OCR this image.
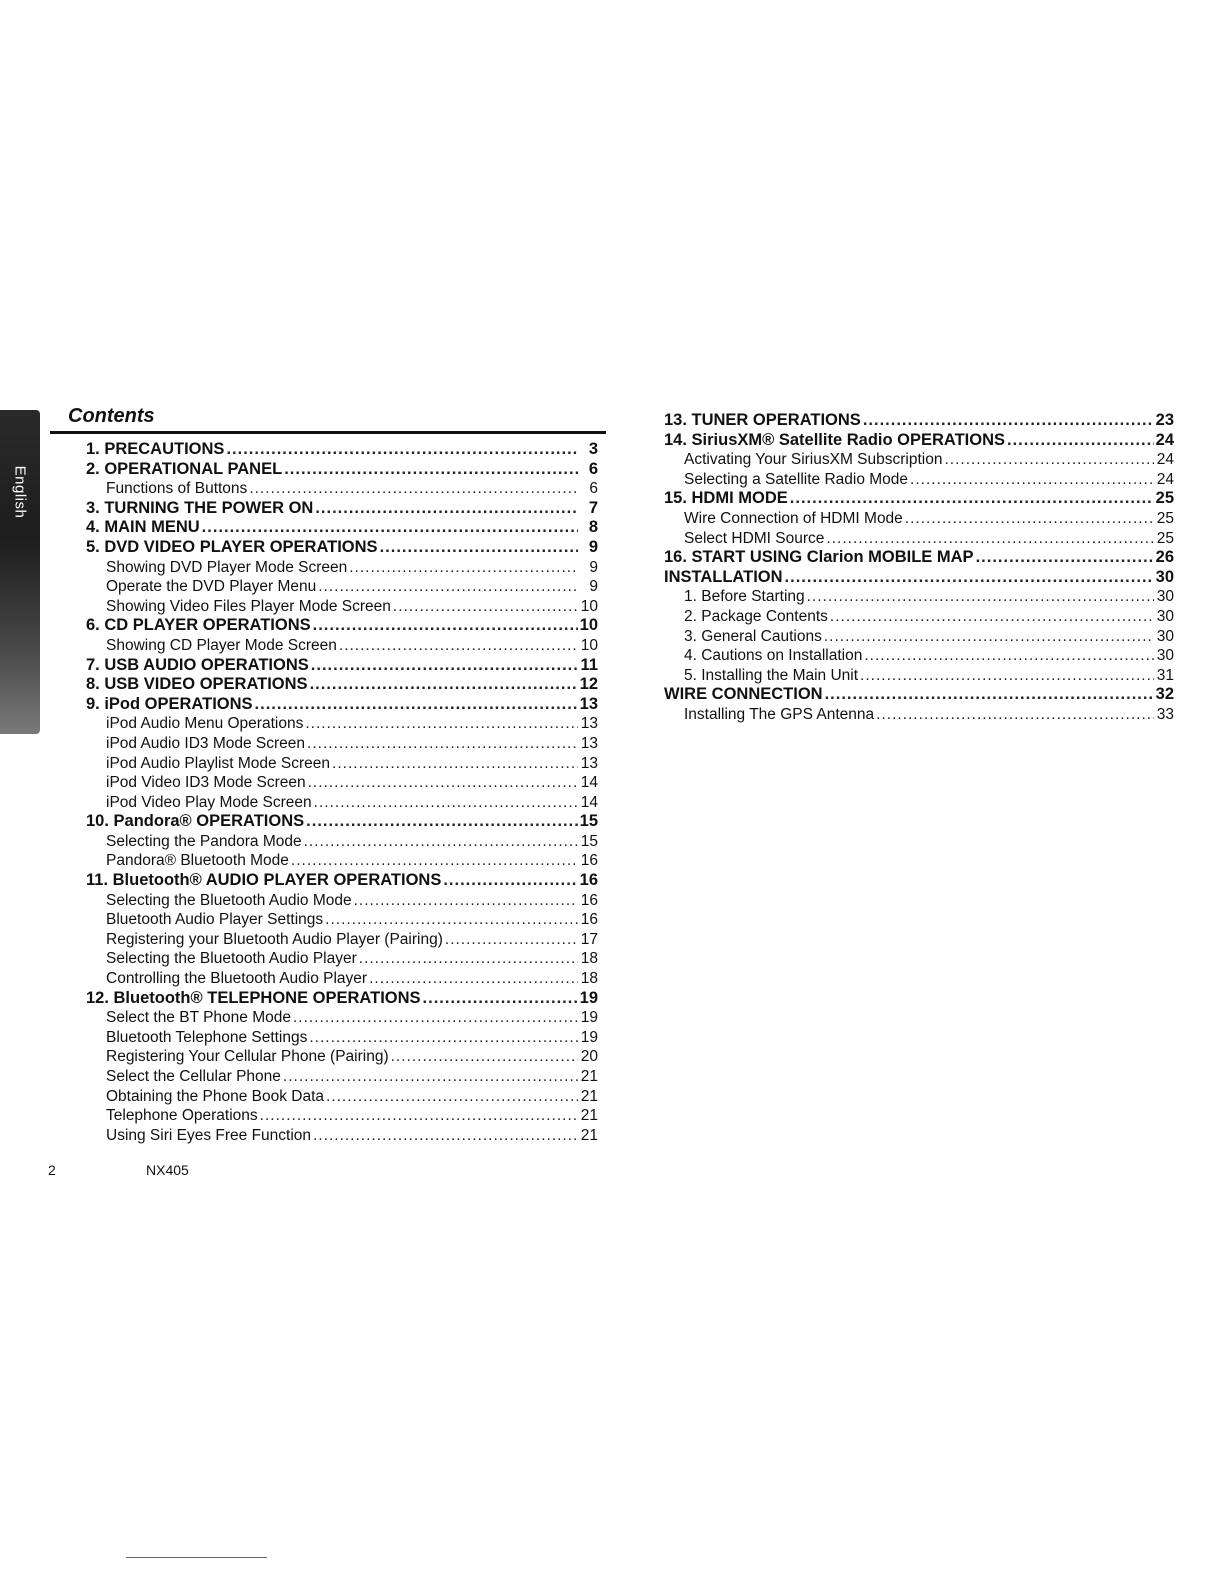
English
Contents
1. PRECAUTIONS .....	3
2. OPERATIONAL PANEL .....	6
Functions of Buttons .....	6
3. TURNING THE POWER ON .....	7
4. MAIN MENU .....	8
5. DVD VIDEO PLAYER OPERATIONS .....	9
Showing DVD Player Mode Screen .....	9
Operate the DVD Player Menu .....	9
Showing Video Files Player Mode Screen .....	10
6. CD PLAYER OPERATIONS .....	10
Showing CD Player Mode Screen .....	10
7. USB AUDIO OPERATIONS .....	11
8. USB VIDEO OPERATIONS .....	12
9. iPod OPERATIONS .....	13
iPod Audio Menu Operations .....	13
iPod Audio ID3 Mode Screen .....	13
iPod Audio Playlist Mode Screen .....	13
iPod Video ID3 Mode Screen .....	14
iPod Video Play Mode Screen .....	14
10. Pandora® OPERATIONS .....	15
Selecting the Pandora Mode .....	15
Pandora® Bluetooth Mode .....	16
11. Bluetooth® AUDIO PLAYER OPERATIONS .....	16
Selecting the Bluetooth Audio Mode .....	16
Bluetooth Audio Player Settings .....	16
Registering your Bluetooth Audio Player (Pairing) .....	17
Selecting the Bluetooth Audio Player .....	18
Controlling the Bluetooth Audio Player .....	18
12. Bluetooth® TELEPHONE OPERATIONS .....	19
Select the BT Phone Mode .....	19
Bluetooth Telephone Settings .....	19
Registering Your Cellular Phone (Pairing) .....	20
Select the Cellular Phone .....	21
Obtaining the Phone Book Data .....	21
Telephone Operations .....	21
Using Siri Eyes Free Function .....	21
13. TUNER OPERATIONS .....	23
14. SiriusXM® Satellite Radio OPERATIONS .....	24
Activating Your SiriusXM Subscription .....	24
Selecting a Satellite Radio Mode .....	24
15. HDMI MODE .....	25
Wire Connection of HDMI Mode .....	25
Select HDMI Source .....	25
16. START USING Clarion MOBILE MAP .....	26
INSTALLATION .....	30
1. Before Starting .....	30
2. Package Contents .....	30
3. General Cautions .....	30
4. Cautions on Installation .....	30
5. Installing the Main Unit .....	31
WIRE CONNECTION .....	32
Installing The GPS Antenna .....	33
2	NX405
